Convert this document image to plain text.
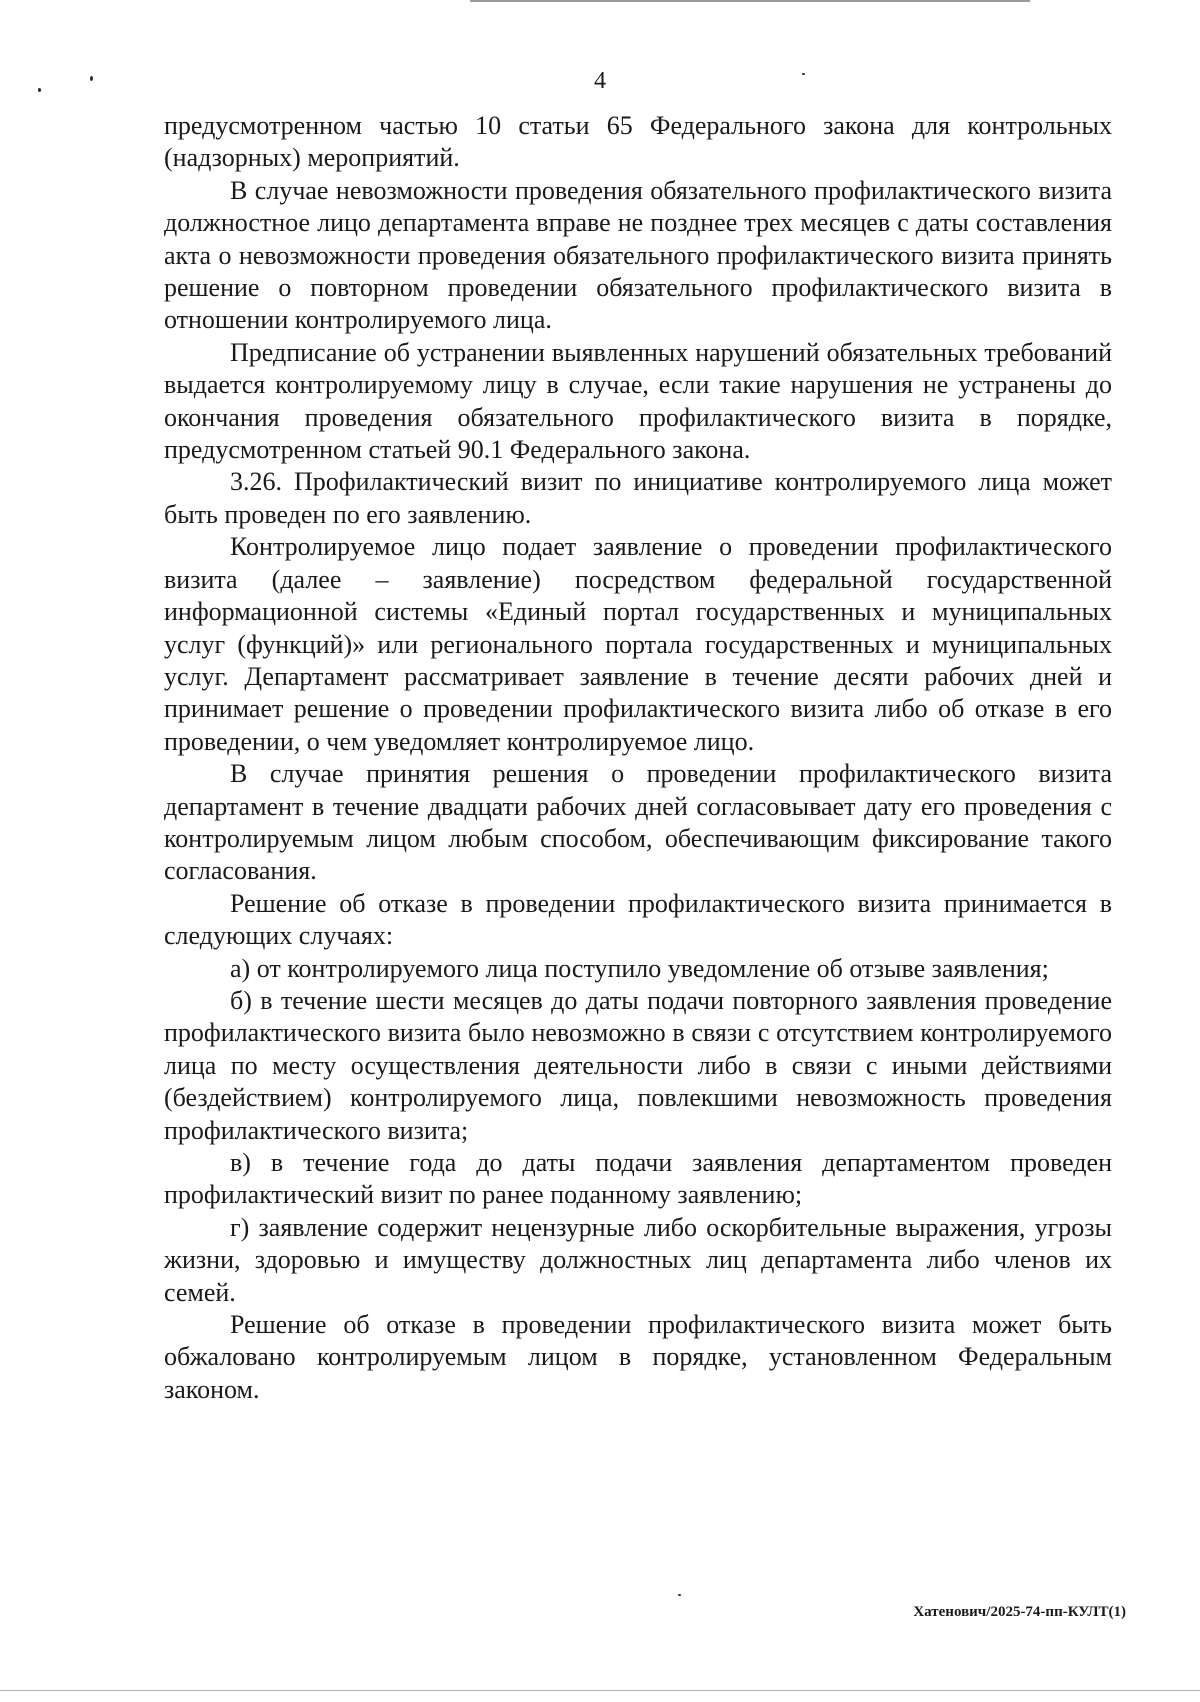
4

предусмотренном частью 10 статьи 65 Федерального закона для контрольных (надзорных) мероприятий.

В случае невозможности проведения обязательного профилактического визита должностное лицо департамента вправе не позднее трех месяцев с даты составления акта о невозможности проведения обязательного профилактического визита принять решение о повторном проведении обязательного профилактического визита в отношении контролируемого лица.

Предписание об устранении выявленных нарушений обязательных требований выдается контролируемому лицу в случае, если такие нарушения не устранены до окончания проведения обязательного профилактического визита в порядке, предусмотренном статьей 90.1 Федерального закона.

3.26. Профилактический визит по инициативе контролируемого лица может быть проведен по его заявлению.

Контролируемое лицо подает заявление о проведении профилактического визита (далее – заявление) посредством федеральной государственной информационной системы «Единый портал государственных и муниципальных услуг (функций)» или регионального портала государственных и муниципальных услуг. Департамент рассматривает заявление в течение десяти рабочих дней и принимает решение о проведении профилактического визита либо об отказе в его проведении, о чем уведомляет контролируемое лицо.

В случае принятия решения о проведении профилактического визита департамент в течение двадцати рабочих дней согласовывает дату его проведения с контролируемым лицом любым способом, обеспечивающим фиксирование такого согласования.

Решение об отказе в проведении профилактического визита принимается в следующих случаях:

а) от контролируемого лица поступило уведомление об отзыве заявления;

б) в течение шести месяцев до даты подачи повторного заявления проведение профилактического визита было невозможно в связи с отсутствием контролируемого лица по месту осуществления деятельности либо в связи с иными действиями (бездействием) контролируемого лица, повлекшими невозможность проведения профилактического визита;

в) в течение года до даты подачи заявления департаментом проведен профилактический визит по ранее поданному заявлению;

г) заявление содержит нецензурные либо оскорбительные выражения, угрозы жизни, здоровью и имуществу должностных лиц департамента либо членов их семей.

Решение об отказе в проведении профилактического визита может быть обжаловано контролируемым лицом в порядке, установленном Федеральным законом.

Хатенович/2025-74-пп-КУЛТ(1)
